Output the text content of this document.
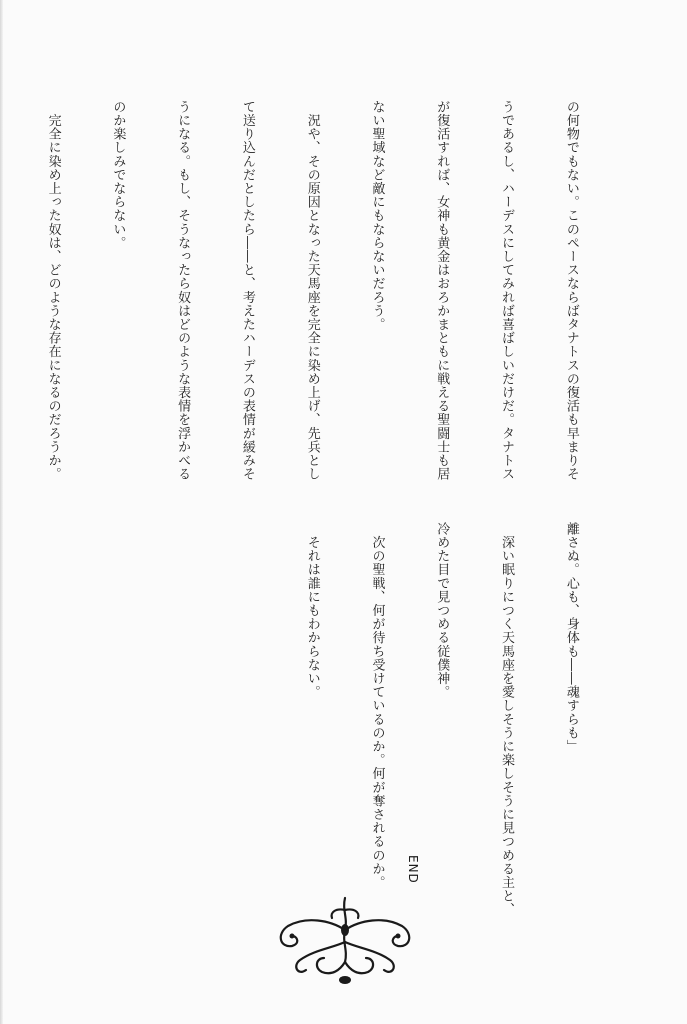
の何物でもない。このペースならばタナトスの復活も早まりそ

うであるし、ハーデスにしてみれば喜ばしいだけだ。タナトス

が復活すれば、女神も黄金はおろかまともに戦える聖闘士も居

ない聖域など敵にもならないだろう。

　況や、その原因となった天馬座を完全に染め上げ、先兵とし

て送り込んだとしたら――と、考えたハーデスの表情が緩みそ

うになる。もし、そうなったら奴はどのような表情を浮かべる

のか楽しみでならない。

　完全に染め上った奴は、どのような存在になるのだろうか。

離さぬ。心も、身体も――魂すらも」

　深い眠りにつく天馬座を愛しそうに楽しそうに見つめる主と、

冷めた目で見つめる従僕神。

　次の聖戦、何が待ち受けているのか。何が奪されるのか。

　それは誰にもわからない。

END
